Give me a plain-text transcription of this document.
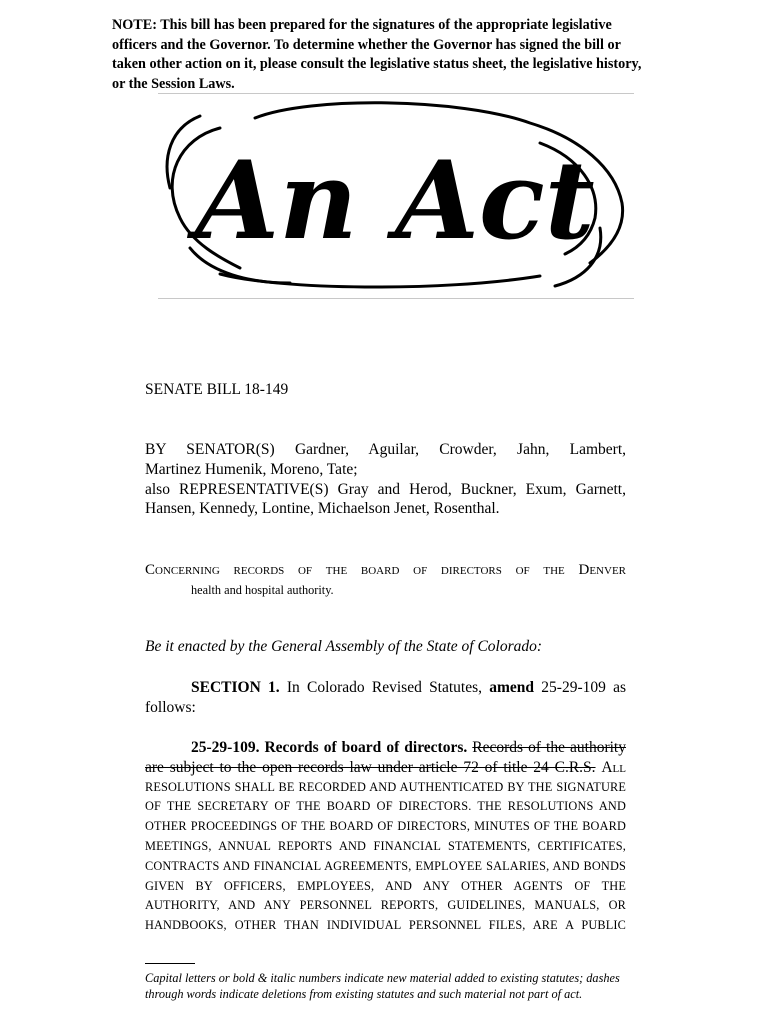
NOTE: This bill has been prepared for the signatures of the appropriate legislative officers and the Governor. To determine whether the Governor has signed the bill or taken other action on it, please consult the legislative status sheet, the legislative history, or the Session Laws.
An Act
SENATE BILL 18-149
BY SENATOR(S) Gardner, Aguilar, Crowder, Jahn, Lambert,
Martinez Humenik, Moreno, Tate;
also REPRESENTATIVE(S) Gray and Herod, Buckner, Exum, Garnett,
Hansen, Kennedy, Lontine, Michaelson Jenet, Rosenthal.
Concerning records of the board of directors of the Denver
health and hospital authority.
Be it enacted by the General Assembly of the State of Colorado:
SECTION 1. In Colorado Revised Statutes, amend 25-29-109 as
follows:
25-29-109. Records of board of directors. Records of the authority
are subject to the open records law under article 72 of title 24 C.R.S. All
RESOLUTIONS SHALL BE RECORDED AND AUTHENTICATED BY THE SIGNATURE
OF THE SECRETARY OF THE BOARD OF DIRECTORS. THE RESOLUTIONS AND
OTHER PROCEEDINGS OF THE BOARD OF DIRECTORS, MINUTES OF THE BOARD
MEETINGS, ANNUAL REPORTS AND FINANCIAL STATEMENTS, CERTIFICATES,
CONTRACTS AND FINANCIAL AGREEMENTS, EMPLOYEE SALARIES, AND BONDS
GIVEN BY OFFICERS, EMPLOYEES, AND ANY OTHER AGENTS OF THE
AUTHORITY, AND ANY PERSONNEL REPORTS, GUIDELINES, MANUALS, OR
HANDBOOKS, OTHER THAN INDIVIDUAL PERSONNEL FILES, ARE A PUBLIC
Capital letters or bold & italic numbers indicate new material added to existing statutes; dashes through words indicate deletions from existing statutes and such material not part of act.
